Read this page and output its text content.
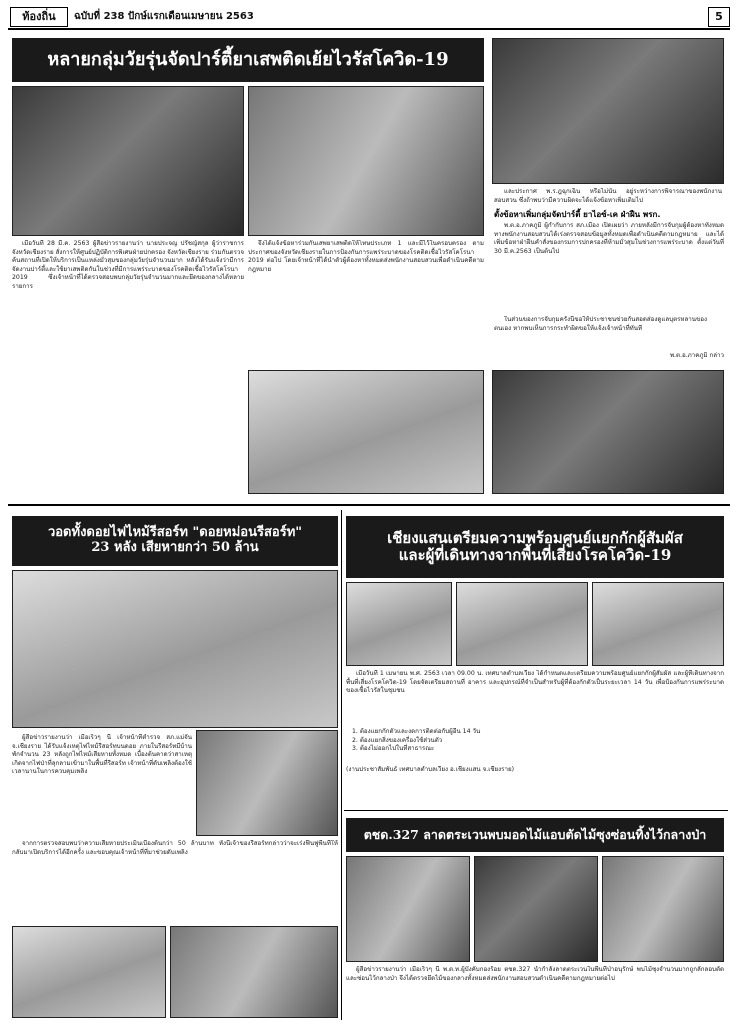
ท้องถิ่น	ฉบับที่ 238 ปักษ์แรกเดือนเมษายน 2563	5
หลายกลุ่มวัยรุ่นจัดปาร์ตี้ยาเสพติดเย้ยไวรัสโควิด-19

และประกาศ พ.ร.ฎฉุกเฉิน หรือไม่นั้น อยู่ระหว่างการพิจารณาของพนักงานสอบสวน ซึ่งถ้าพบว่ามีความผิดจะได้แจ้งข้อหาเพิ่มเติมไป

ตั้งข้อหาเพิ่มกลุ่มจัดปาร์ตี้ ยาไอซ์-เค ฝ่าฝืน พรก.

เมื่อวันที่ 28 มี.ค. 2563 ผู้สื่อข่าวรายงานว่า นายประจญ ปรัชญ์สกุล ผู้ว่าราชการจังหวัดเชียงราย สั่งการให้ศูนย์ปฏิบัติการพิเศษฝ่ายปกครอง จังหวัดเชียงราย ร่วมกันตรวจค้นสถานที่เปิดให้บริการเป็นแหล่งมั่วสุมของกลุ่มวัยรุ่นจำนวนมาก หลังได้รับแจ้งว่ามีการจัดงานปาร์ตี้และใช้ยาเสพติดกันในช่วงที่มีการแพร่ระบาดของโรคติดเชื้อไวรัสโคโรนา 2019 ซึ่งเจ้าหน้าที่ได้ตรวจสอบพบกลุ่มวัยรุ่นจำนวนมากและยึดของกลางได้หลายรายการ

จึงได้แจ้งข้อหาร่วมกันเสพยาเสพติดให้โทษประเภท 1 และมีไว้ในครอบครอง ตามประกาศของจังหวัดเชียงรายในการป้องกันการแพร่ระบาดของโรคติดเชื้อไวรัสโคโรนา 2019 ต่อไป โดยเจ้าหน้าที่ได้นำตัวผู้ต้องหาทั้งหมดส่งพนักงานสอบสวนเพื่อดำเนินคดีตามกฎหมาย

พ.ต.อ.ภาคภูมิ ผู้กำกับการ สภ.เมือง เปิดเผยว่า ภายหลังมีการจับกุมผู้ต้องหาทั้งหมด ทางพนักงานสอบสวนได้เร่งตรวจสอบข้อมูลทั้งหมดเพื่อดำเนินคดีตามกฎหมาย และได้เพิ่มข้อหาฝ่าฝืนคำสั่งของกรมการปกครองที่ห้ามมั่วสุมในช่วงการแพร่ระบาด ตั้งแต่วันที่ 30 มี.ค.2563 เป็นต้นไป

ในส่วนของการจับกุมครั้งนี้ขอให้ประชาชนช่วยกันสอดส่องดูแลบุตรหลานของตนเอง หากพบเห็นการกระทำผิดขอให้แจ้งเจ้าหน้าที่ทันที

พ.ต.อ.ภาคภูมิ กล่าว
วอดทั้งดอยไฟไหม้รีสอร์ท "ดอยหม่อนรีสอร์ท"
23 หลัง เสียหายกว่า 50 ล้าน

ผู้สื่อข่าวรายงานว่า เมื่อเร็วๆ นี้ เจ้าหน้าที่ตำรวจ สภ.แม่จัน จ.เชียงราย ได้รับแจ้งเหตุไฟไหม้รีสอร์ทบนดอย ภายในรีสอร์ทมีบ้านพักจำนวน 23 หลังถูกไฟไหม้เสียหายทั้งหมด เบื้องต้นคาดว่าสาเหตุเกิดจากไฟป่าที่ลุกลามเข้ามาในพื้นที่รีสอร์ท เจ้าหน้าที่ดับเพลิงต้องใช้เวลานานในการควบคุมเพลิง

จากการตรวจสอบพบว่าความเสียหายประเมินเบื้องต้นกว่า 50 ล้านบาท ทั้งนี้เจ้าของรีสอร์ทกล่าวว่าจะเร่งฟื้นฟูพื้นที่ให้กลับมาเปิดบริการได้อีกครั้ง และขอบคุณเจ้าหน้าที่ที่มาช่วยดับเพลิง

เชียงแสนเตรียมความพร้อมศูนย์แยกกักผู้สัมผัส
และผู้ที่เดินทางจากพื้นที่เสี่ยงโรคโควิด-19

เมื่อวันที่ 1 เมษายน พ.ศ. 2563 เวลา 09.00 น. เทศบาลตำบลเวียง ได้กำหนดและเตรียมความพร้อมศูนย์แยกกักผู้สัมผัส และผู้ที่เดินทางจากพื้นที่เสี่ยงโรคโควิด-19 โดยจัดเตรียมสถานที่ อาคาร และอุปกรณ์ที่จำเป็นสำหรับผู้ที่ต้องกักตัวเป็นระยะเวลา 14 วัน เพื่อป้องกันการแพร่ระบาดของเชื้อไวรัสในชุมชน

1. ต้องแยกกักตัวและงดการติดต่อกับผู้อื่น 14 วัน
2. ต้องแยกสิ่งของเครื่องใช้ส่วนตัว
3. ต้องไม่ออกไปในที่สาธารณะ
(งานประชาสัมพันธ์ เทศบาลตำบลเวียง อ.เชียงแสน จ.เชียงราย)
ตชด.327 ลาดตระเวนพบมอดไม้แอบตัดไม้ซุงซ่อนทิ้งไว้กลางป่า

ผู้สื่อข่าวรายงานว่า เมื่อเร็วๆ นี้ พ.ต.ท.ผู้บังคับกองร้อย ตชด.327 นำกำลังลาดตระเวนในพื้นที่ป่าอนุรักษ์ พบไม้ซุงจำนวนมากถูกลักลอบตัดและซ่อนไว้กลางป่า จึงได้ตรวจยึดไม้ของกลางทั้งหมดส่งพนักงานสอบสวนดำเนินคดีตามกฎหมายต่อไป
